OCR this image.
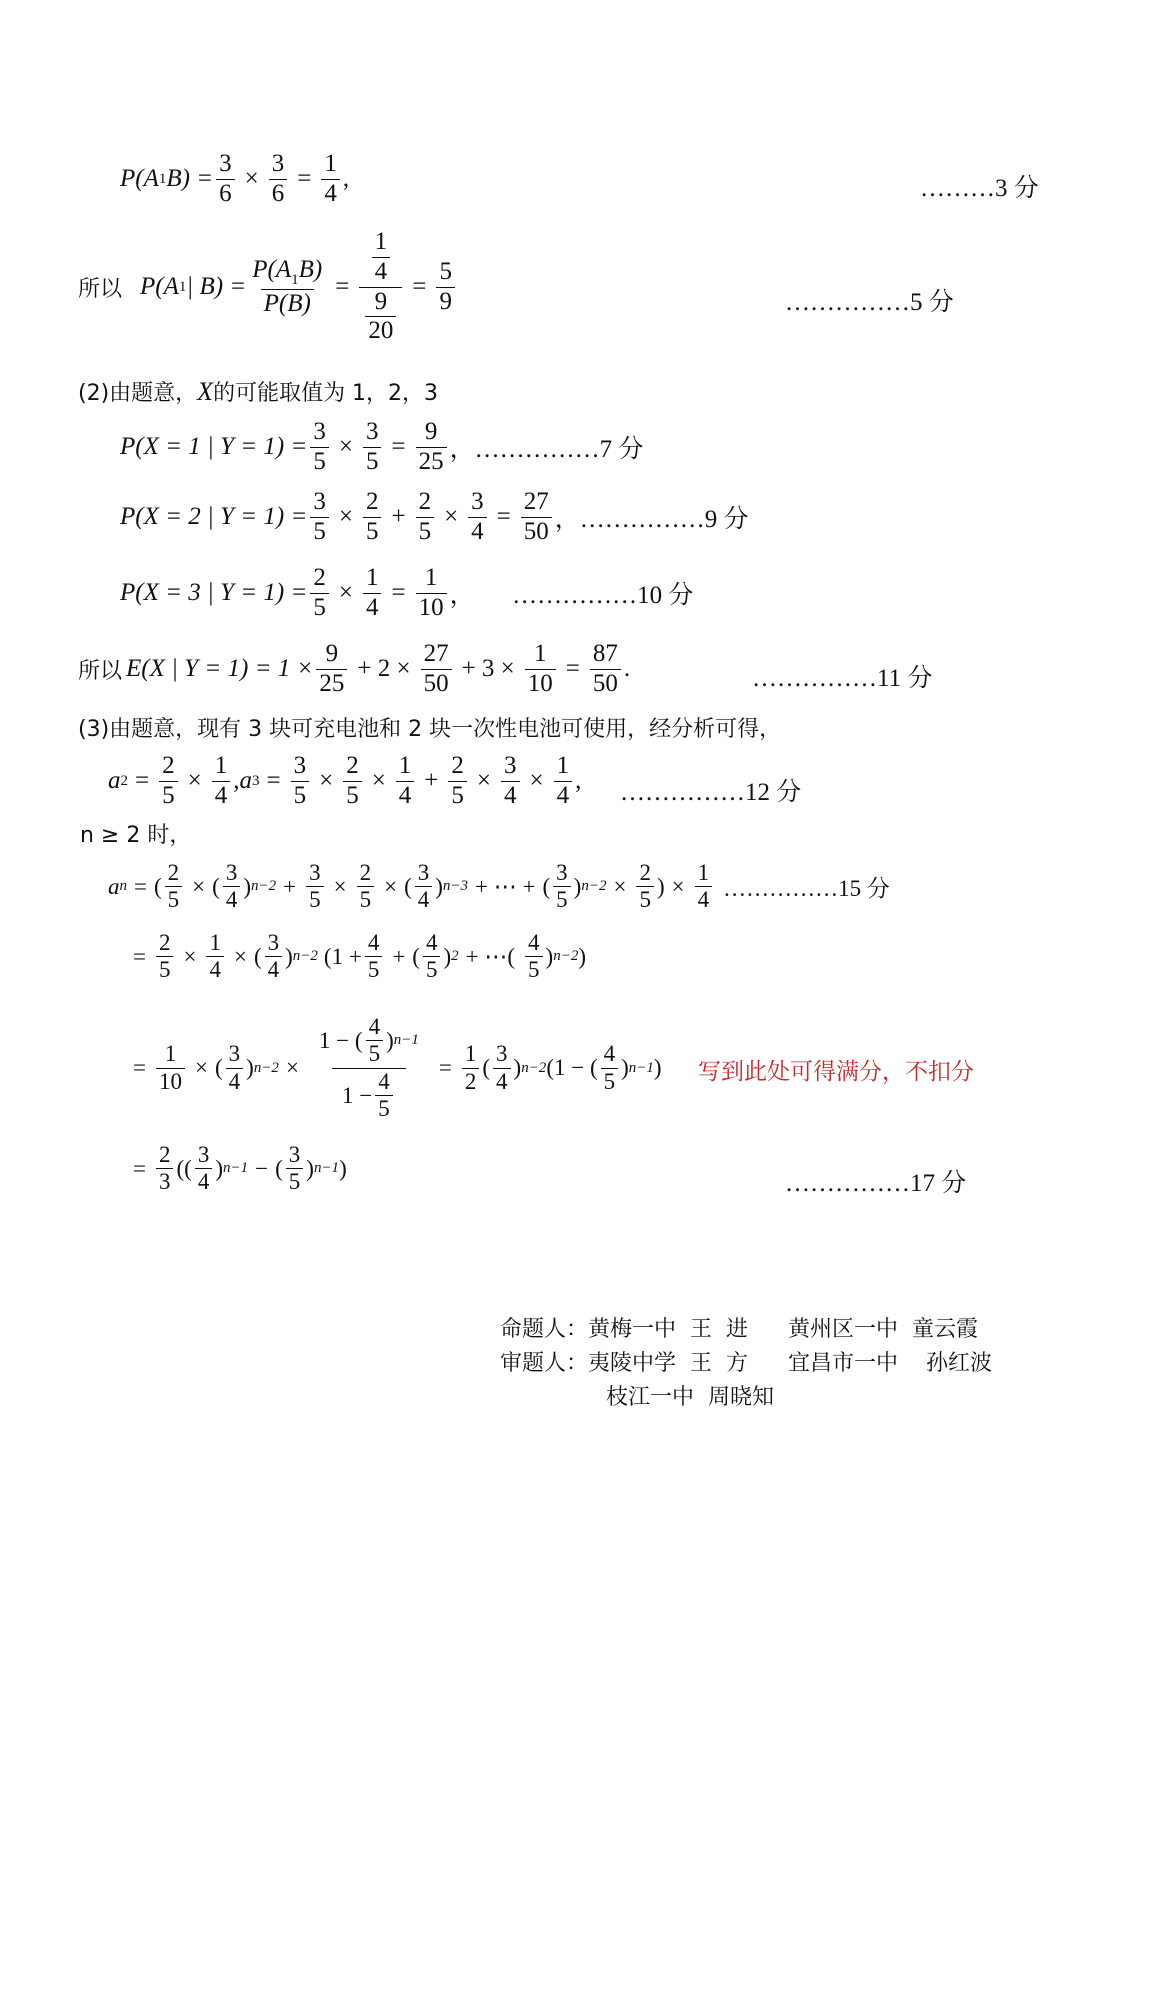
P(A 1 $B) = \frac{3}{6} \times \frac{3}{6} = \frac{1}{4}$ ,	………3 分
所以 P(A 1 | $B) = \frac{P(A_1B)}{P(B)} = \frac{\frac{1}{4}}{\frac{9}{20}} = \frac{5}{9}$	……………5 分
(2)由题意， X 的可能取值为 1，2，3
P(X = 1 | $Y = 1) = \frac{3}{5} \times \frac{3}{5} = \frac{9}{25}$ ，……………7 分
P(X = 2 | $Y = 1) = \frac{3}{5} \times \frac{2}{5} + \frac{2}{5} \times \frac{3}{4} = \frac{27}{50}$ ，……………9 分
P(X = 3 | $Y = 1) = \frac{2}{5} \times \frac{1}{4} = \frac{1}{10}$ ，      ……………10 分
所以 E(X | $Y = 1) = 1 \times \frac{9}{25} + 2 \times \frac{27}{50} + 3 \times \frac{1}{10} = \frac{87}{50}$ .	……………11 分
(3)由题意，现有 3 块可充电池和 2 块一次性电池可使用，经分析可得，
a $2 = \frac{2}{5} \times \frac{1}{4}$ , a $3 = \frac{3}{5} \times \frac{2}{5} \times \frac{1}{4} + \frac{2}{5} \times \frac{3}{4} \times \frac{1}{4}$ , ……………12 分
n ≥ 2 时，
a n = ( $\frac{2}{5}$ × ( $\frac{3}{4}$ ) $n-2 + \frac{3}{5} \times \frac{2}{5}$ × ( $\frac{3}{4}$ ) n−3 + ⋯ + ( $\frac{3}{5}$ ) $n-2 \times \frac{2}{5}$ ) × $\frac{1}{4}$ ……………15 分
= $\frac{2}{5} \times \frac{1}{4}$ × ( $\frac{3}{4}$ ) n−2 ($1 + \frac{4}{5}$ + ( $\frac{4}{5}$ ) 2 + ⋯( $\frac{4}{5}$ ) n−2 )
= $\frac{1}{10}$ × ( $\frac{3}{4}$ ) $n-2 \times \frac{1 - ( \frac{4}{5} ) n-1}{1 - \frac{4}{5}} = \frac{1}{2}$ ( $\frac{3}{4}$ ) n−2 (1 − ( $\frac{4}{5}$ ) n−1 ) 写到此处可得满分，不扣分
= $\frac{2}{3}$ (( $\frac{3}{4}$ ) n−1 − ( $\frac{3}{5}$ ) n−1 )
……………17 分
命题人：黄梅一中  王  进 黄州区一中  童云霞
审题人：夷陵中学  王  方 宜昌市一中    孙红波
枝江一中  周晓知
